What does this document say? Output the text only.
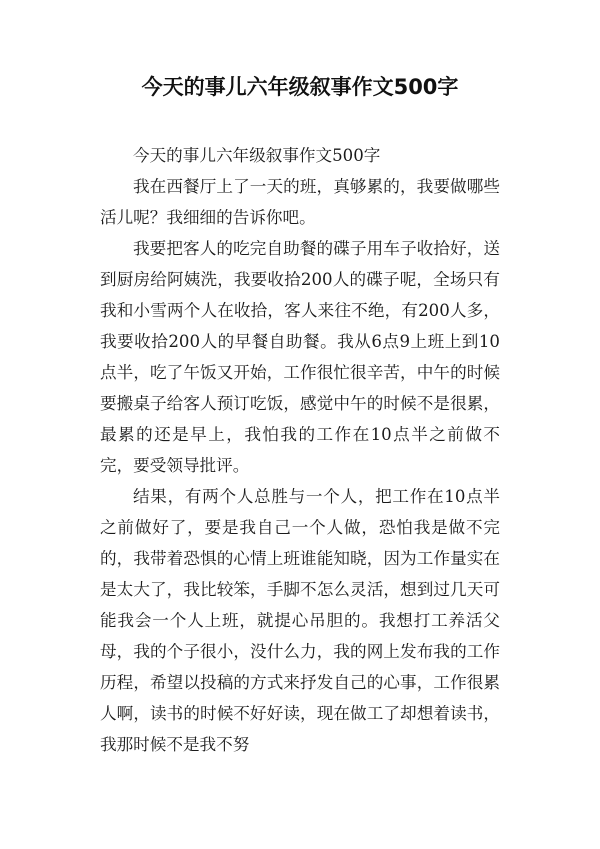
今天的事儿六年级叙事作文500字

今天的事儿六年级叙事作文500字

我在西餐厅上了一天的班，真够累的，我要做哪些活儿呢？我细细的告诉你吧。

我要把客人的吃完自助餐的碟子用车子收拾好，送到厨房给阿姨洗，我要收拾200人的碟子呢，全场只有我和小雪两个人在收拾，客人来往不绝，有200人多，我要收拾200人的早餐自助餐。我从6点9上班上到10点半，吃了午饭又开始，工作很忙很辛苦，中午的时候要搬桌子给客人预订吃饭，感觉中午的时候不是很累，最累的还是早上，我怕我的工作在10点半之前做不完，要受领导批评。

结果，有两个人总胜与一个人，把工作在10点半之前做好了，要是我自己一个人做，恐怕我是做不完的，我带着恐惧的心情上班谁能知晓，因为工作量实在是太大了，我比较笨，手脚不怎么灵活，想到过几天可能我会一个人上班，就提心吊胆的。我想打工养活父母，我的个子很小，没什么力，我的网上发布我的工作历程，希望以投稿的方式来抒发自己的心事，工作很累人啊，读书的时候不好好读，现在做工了却想着读书，我那时候不是我不努
